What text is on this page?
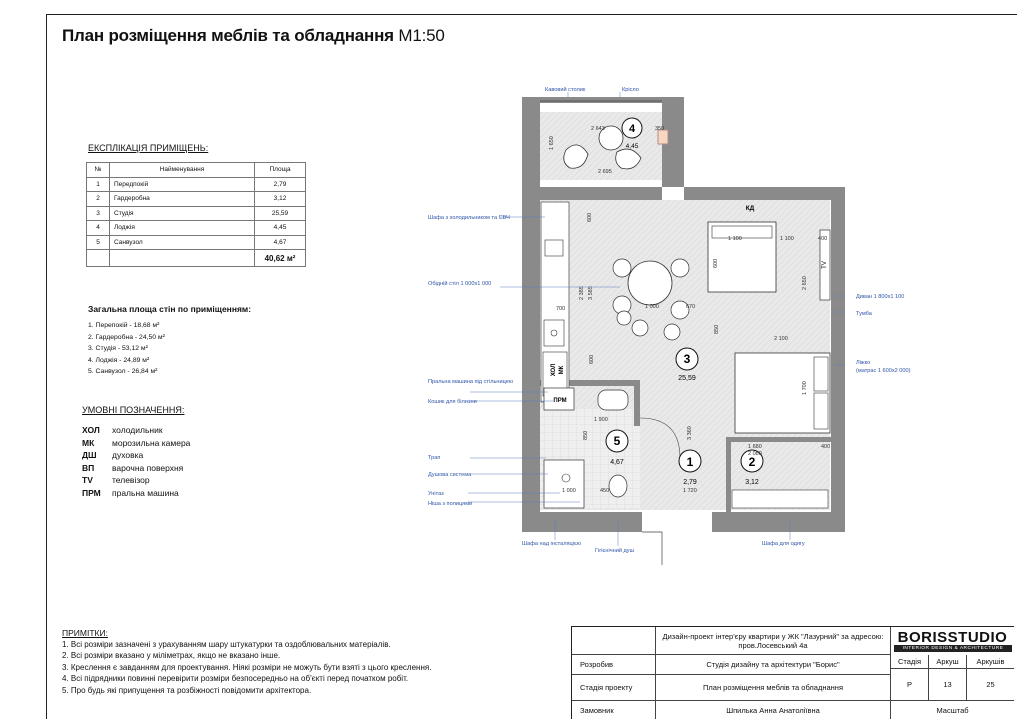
План розміщення меблів та обладнання М1:50
ЕКСПЛІКАЦІЯ ПРИМІЩЕНЬ:
№	Найменування	Площа
1	Передпокій	2,79
2	Гардеробна	3,12
3	Студія	25,59
4	Лоджія	4,45
5	Санвузол	4,67
		40,62 м²
Загальна площа стін по приміщенням:
1. Перепокій - 18,68 м²
2. Гардеробна - 24,50 м²
3. Студія - 53,12 м²
4. Лоджія - 24,89 м²
5. Санвузол - 26,84 м²
УМОВНІ ПОЗНАЧЕННЯ:
ХОЛ	холодильник
МК	морозильна камера
ДШ	духовка
ВП	варочна поверхня
TV	телевізор
ПРМ	пральна машина
4
4,45
ХОЛ МК
КД
TV
3
25,59
ПРМ
5
4,67	1
2,79
2
3,12
1 650
2 643	350
2 695
600
2 385 3 585
700	1 000	670
1 100	1 100	400
600
2 650
2 100
850
1 700
600
1 900
850	3 360
1 680
2 080
400
1 720
450
1 000
Кавовий столик	Крісло
Шафа з холодильником та СВЧ
Обідній стіл 1 000х1 000
Пральна машина під стільницею
Кошик для білизни
Трап
Душова система
Унітаз
Ніша з полицями
Шафа над інсталяцією
Гігієнічний душ
Шафа для одягу
Диван 1 800х1 100
Тумба
Ліжко
(матрас 1 600х2 000)
ПРИМІТКИ:
1. Всі розміри зазначені з урахуванням шару штукатурки та оздоблювальних матеріалів.
2. Всі розміри вказано у міліметрах, якщо не вказано інше.
3. Креслення є завданням для проектування. Ніякі розміри не можуть бути взяті з цього креслення.
4. Всі підрядники повинні перевірити розміри безпосередньо на об'єкті перед початком робіт.
5. Про будь які припущення та розбіжності повідомити архітектора.
Дизайн-проект інтер'єру квартири у ЖК "Лазурний" за адресою: пров.Лосевський 4а	BORISSTUDIO
INTERIOR DESIGN & ARCHITECTURE
Розробив	Студія дизайну та архітектури "Борис"	Стадія	Аркуш	Аркушів
Стадія проекту	План розміщення меблів та обладнання	Р	13	25
Замовник	Шпилька Анна Анатоліївна	Масштаб
